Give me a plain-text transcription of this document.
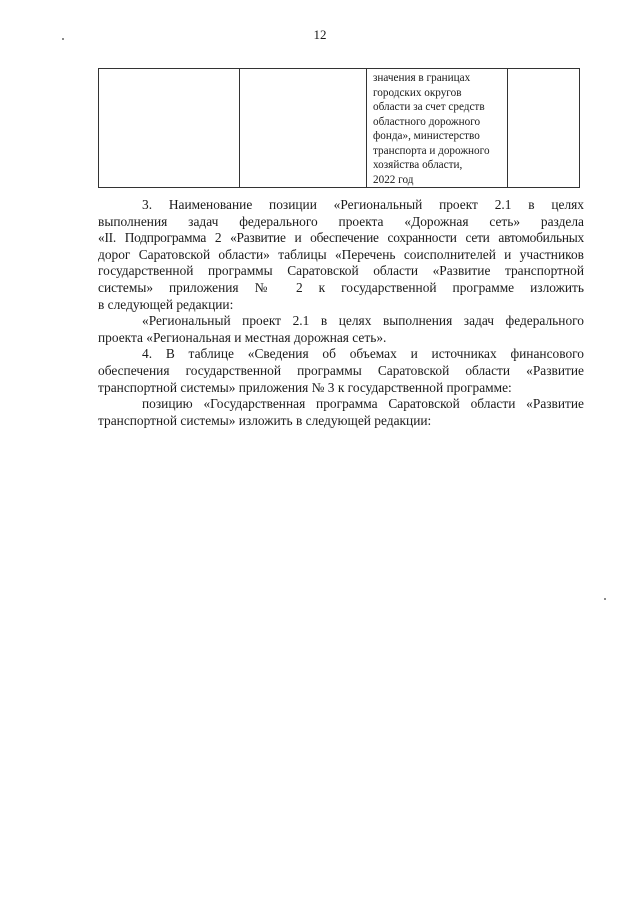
12
значения в границах
городских округов
области за счет средств
областного дорожного
фонда», министерство
транспорта и дорожного
хозяйства области,
2022 год
3. Наименование позиции «Региональный проект 2.1 в целях
выполнения задач федерального проекта «Дорожная сеть» раздела
«II. Подпрограмма 2 «Развитие и обеспечение сохранности сети автомобильных
дорог Саратовской области» таблицы «Перечень соисполнителей и участников
государственной программы Саратовской области «Развитие транспортной
системы» приложения № 2 к государственной программе изложить
в следующей редакции:
«Региональный проект 2.1 в целях выполнения задач федерального
проекта «Региональная и местная дорожная сеть».
4. В таблице «Сведения об объемах и источниках финансового
обеспечения государственной программы Саратовской области «Развитие
транспортной системы» приложения № 3 к государственной программе:
позицию «Государственная программа Саратовской области «Развитие
транспортной системы» изложить в следующей редакции:
